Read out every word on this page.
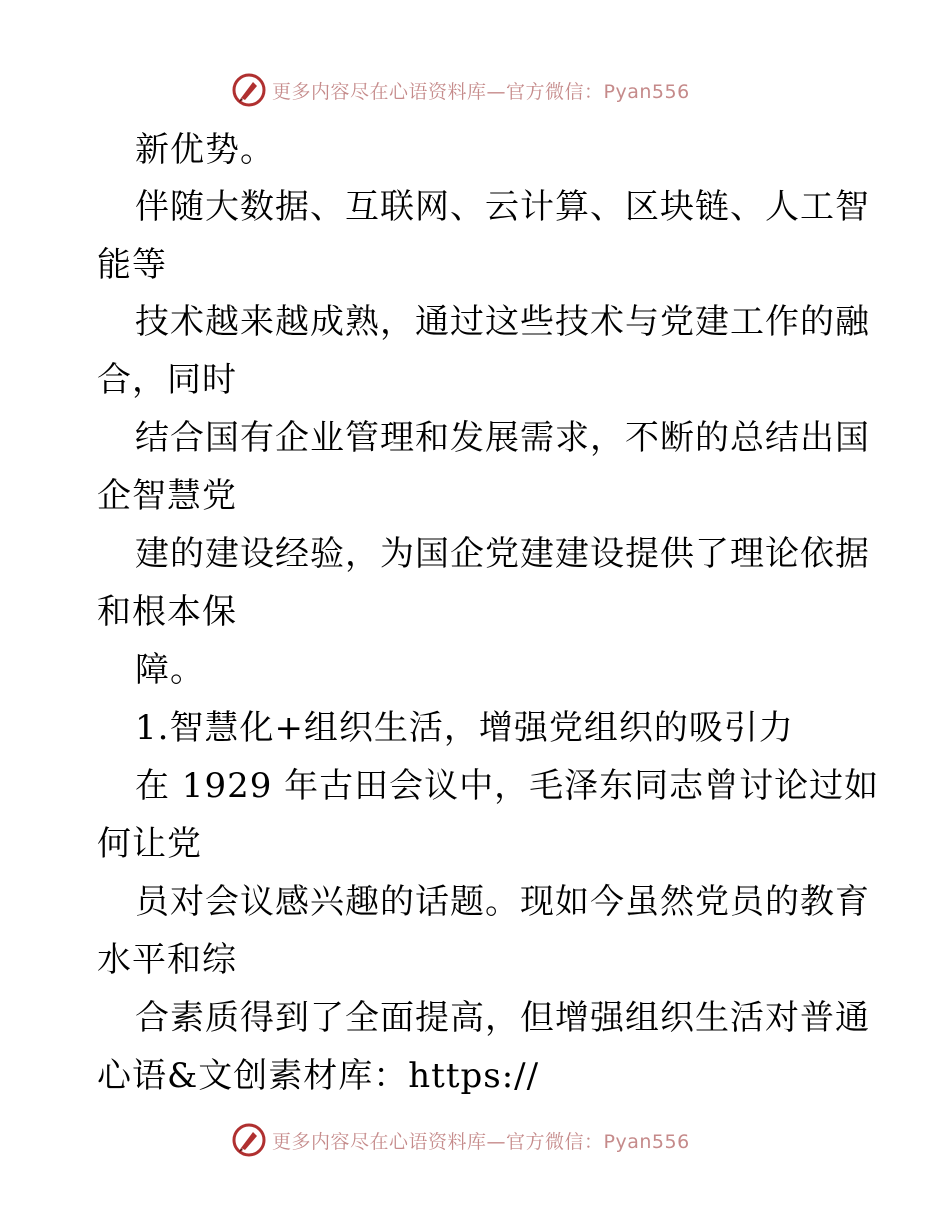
更多内容尽在心语资料库—官方微信：Pyan556

新优势。

伴随大数据、互联网、云计算、区块链、人工智

能等

技术越来越成熟，通过这些技术与党建工作的融

合，同时

结合国有企业管理和发展需求，不断的总结出国

企智慧党

建的建设经验，为国企党建建设提供了理论依据

和根本保

障。

1.智慧化+组织生活，增强党组织的吸引力

在 1929 年古田会议中，毛泽东同志曾讨论过如

何让党

员对会议感兴趣的话题。现如今虽然党员的教育

水平和综

合素质得到了全面提高，但增强组织生活对普通

心语&文创素材库：https://

更多内容尽在心语资料库—官方微信：Pyan556
